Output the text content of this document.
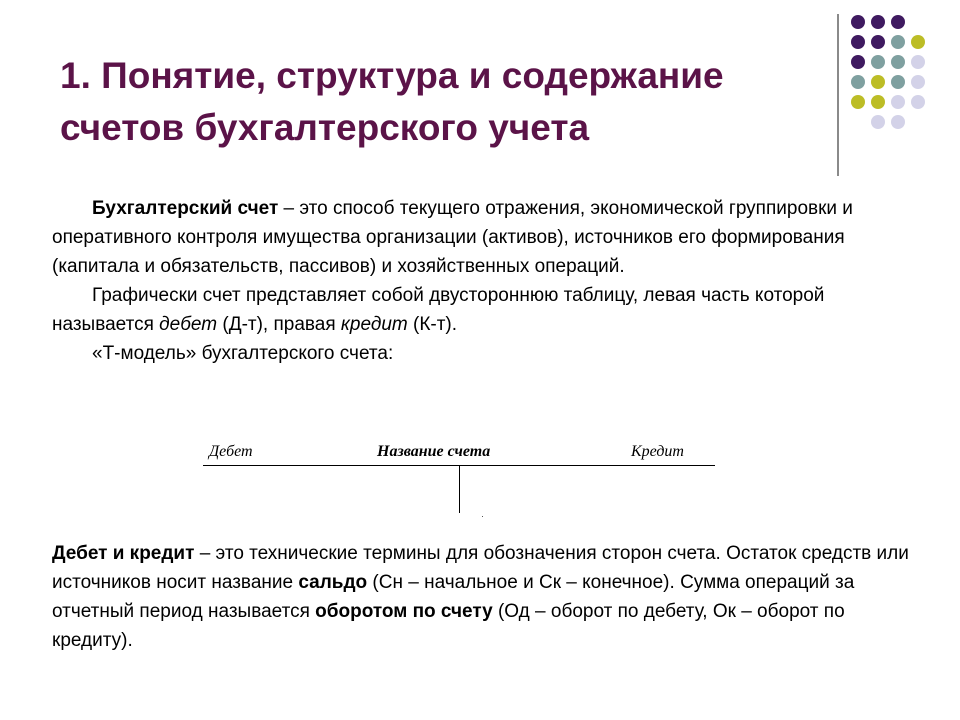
1. Понятие, структура и содержание
счетов бухгалтерского учета

Бухгалтерский счет – это способ текущего отражения, экономической группировки и оперативного контроля имущества организации (активов), источников его формирования (капитала и обязательств, пассивов) и хозяйственных операций.

Графически счет представляет собой двустороннюю таблицу, левая часть которой называется дебет (Д-т), правая кредит (К-т).

«Т-модель» бухгалтерского счета:

Дебет	Название счета	Кредит

Дебет и кредит – это технические термины для обозначения сторон счета. Остаток средств или источников носит название сальдо (Сн – начальное и Ск – конечное). Сумма операций за отчетный период называется оборотом по счету (Од – оборот по дебету, Ок – оборот по кредиту).
